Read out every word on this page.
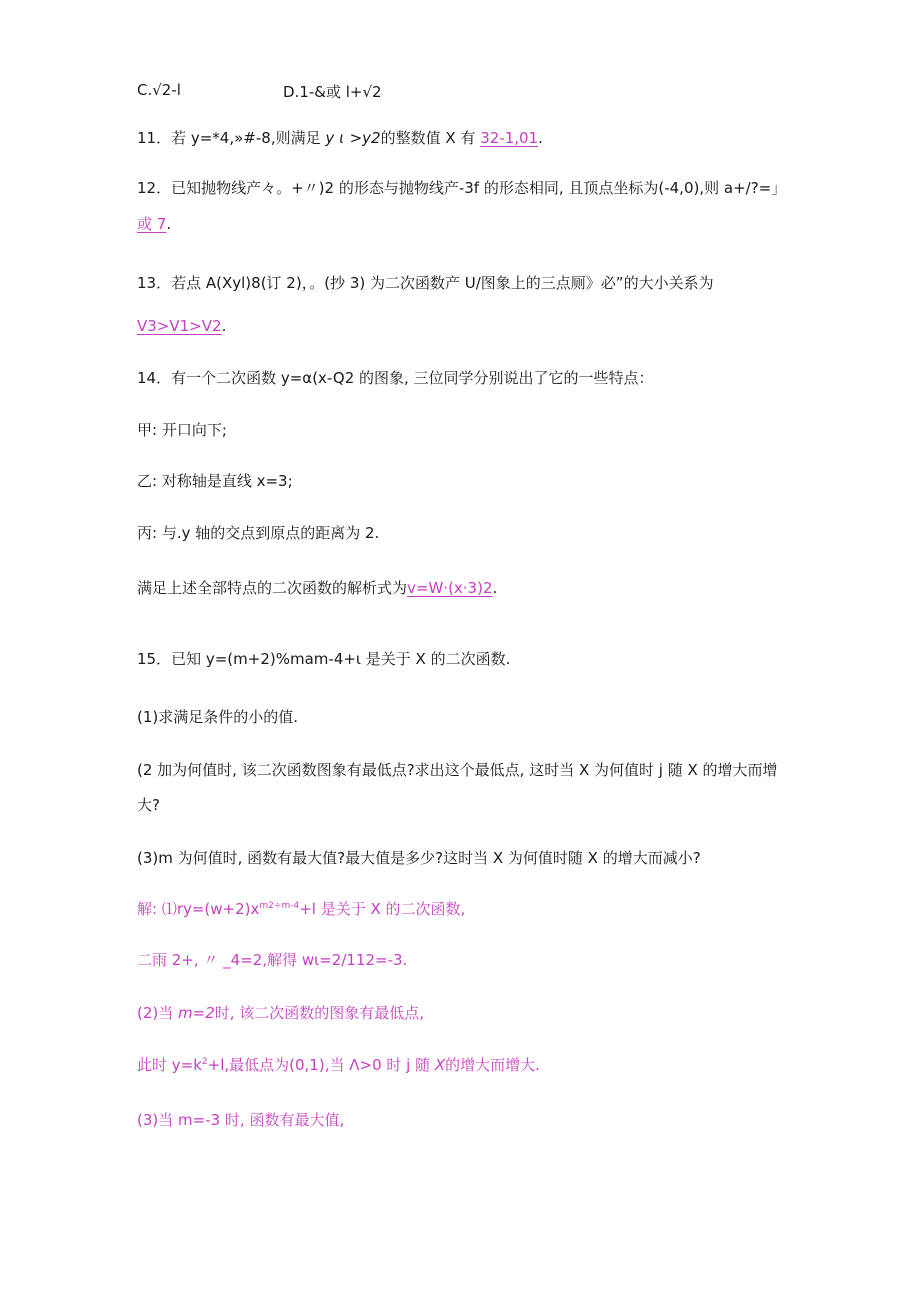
C.√2-l	D.1-&或 l+√2
11．若 y=*4,»#-8,则满足 y ɩ >y2的整数值 X 有 32-1,01.
12．已知抛物线产々。+〃)2 的形态与抛物线产-3f 的形态相同, 且顶点坐标为(-4,0),则 a+/?=」
或 7.
13．若点 A(Xyl)8(订 2)，。(抄 3) 为二次函数产 U/图象上的三点厕》必”的大小关系为
V3>V1>V2.
14．有一个二次函数 y=α(x-Q2 的图象, 三位同学分别说出了它的一些特点：
甲: 开口向下;
乙: 对称轴是直线 x=3;
丙: 与.y 轴的交点到原点的距离为 2.
满足上述全部特点的二次函数的解析式为v=W·(x·3)2.
15．已知 y=(m+2)%mam-4+ι 是关于 X 的二次函数.
(1)求满足条件的小的值.
(2 加为何值时, 该二次函数图象有最低点?求出这个最低点, 这时当 X 为何值时 j 随 X 的增大而增
大?
(3)m 为何值时, 函数有最大值?最大值是多少?这时当 X 为何值时随 X 的增大而减小?
解: $⑴ry=(w+2)x^{m2\div m-4}+l$ 是关于 X 的二次函数,
二雨 2+, 〃 _4=2,解得 wι=2/112=-3.
(2)当 m=2时, 该二次函数的图象有最低点,
此时 $y=k^2+l$,最低点为(0,1),当 Λ>0 时 j 随 X的增大而增大.
(3)当 m=-3 时, 函数有最大值,
